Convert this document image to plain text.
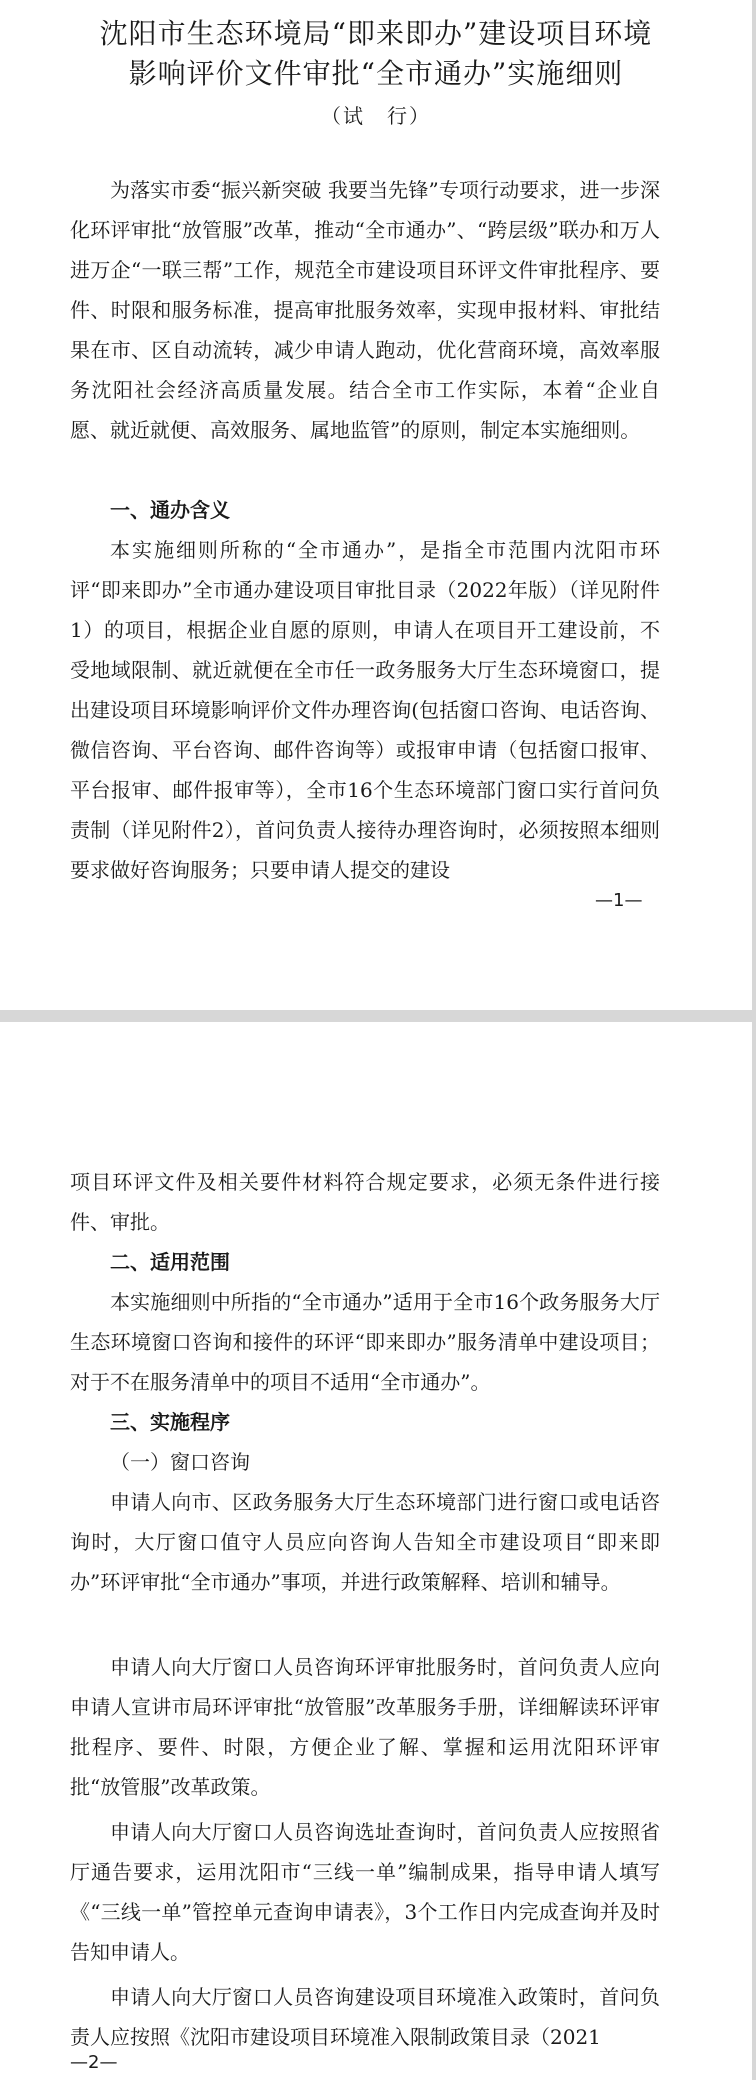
沈阳市生态环境局“即来即办”建设项目环境
影响评价文件审批“全市通办”实施细则
（试　行）

为落实市委“振兴新突破 我要当先锋”专项行动要求，进一步深化环评审批“放管服”改革，推动“全市通办”、“跨层级”联办和万人进万企“一联三帮”工作，规范全市建设项目环评文件审批程序、要件、时限和服务标准，提高审批服务效率，实现申报材料、审批结果在市、区自动流转，减少申请人跑动，优化营商环境，高效率服务沈阳社会经济高质量发展。结合全市工作实际，本着“企业自愿、就近就便、高效服务、属地监管”的原则，制定本实施细则。

一、通办含义

本实施细则所称的“全市通办”，是指全市范围内沈阳市环评“即来即办”全市通办建设项目审批目录（2022年版）（详见附件1）的项目，根据企业自愿的原则，申请人在项目开工建设前，不受地域限制、就近就便在全市任一政务服务大厅生态环境窗口，提出建设项目环境影响评价文件办理咨询(包括窗口咨询、电话咨询、微信咨询、平台咨询、邮件咨询等）或报审申请（包括窗口报审、平台报审、邮件报审等），全市16个生态环境部门窗口实行首问负责制（详见附件2），首问负责人接待办理咨询时，必须按照本细则要求做好咨询服务；只要申请人提交的建设

—1—

项目环评文件及相关要件材料符合规定要求，必须无条件进行接件、审批。

二、适用范围

本实施细则中所指的“全市通办”适用于全市16个政务服务大厅生态环境窗口咨询和接件的环评“即来即办”服务清单中建设项目；对于不在服务清单中的项目不适用“全市通办”。

三、实施程序

（一）窗口咨询

申请人向市、区政务服务大厅生态环境部门进行窗口或电话咨询时，大厅窗口值守人员应向咨询人告知全市建设项目“即来即办”环评审批“全市通办”事项，并进行政策解释、培训和辅导。

申请人向大厅窗口人员咨询环评审批服务时，首问负责人应向申请人宣讲市局环评审批“放管服”改革服务手册，详细解读环评审批程序、要件、时限，方便企业了解、掌握和运用沈阳环评审批“放管服”改革政策。

申请人向大厅窗口人员咨询选址查询时，首问负责人应按照省厅通告要求，运用沈阳市“三线一单”编制成果，指导申请人填写《“三线一单”管控单元查询申请表》，3个工作日内完成查询并及时告知申请人。

申请人向大厅窗口人员咨询建设项目环境准入政策时，首问负责人应按照《沈阳市建设项目环境准入限制政策目录（2021

—2—
